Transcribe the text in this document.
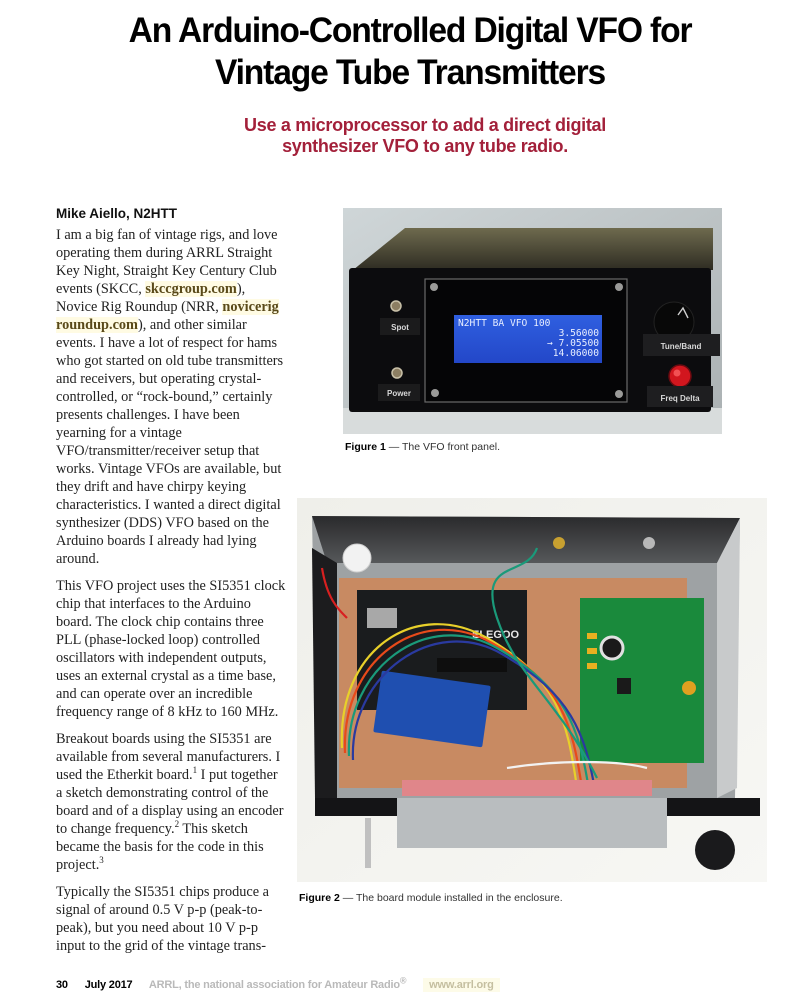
An Arduino-Controlled Digital VFO for
Vintage Tube Transmitters
Use a microprocessor to add a direct digital
synthesizer VFO to any tube radio.
Mike Aiello, N2HTT

I am a big fan of vintage rigs, and love operating them during ARRL Straight Key Night, Straight Key Century Club events (SKCC, skccgroup.com), Novice Rig Roundup (NRR, novicerig roundup.com), and other similar events. I have a lot of respect for hams who got started on old tube transmitters and receivers, but operating crystal-controlled, or “rock-bound,” certainly presents challenges. I have been yearning for a vintage VFO/transmitter/receiver setup that works. Vintage VFOs are available, but they drift and have chirpy keying characteristics. I wanted a direct digital synthesizer (DDS) VFO based on the Arduino boards I already had lying around.

This VFO project uses the SI5351 clock chip that interfaces to the Arduino board. The clock chip contains three PLL (phase-locked loop) controlled oscillators with independent outputs, uses an external crystal as a time base, and can operate over an incredible frequency range of 8 kHz to 160 MHz.

Breakout boards using the SI5351 are available from several manufacturers. I used the Etherkit board.$^1$ I put together a sketch demonstrating control of the board and of a display using an encoder to change frequency.$^2$ This sketch became the basis for the code in this project.$^3$

Typically the SI5351 chips produce a signal of around 0.5 V p-p (peak-to-peak), but you need about 10 V p-p input to the grid of the vintage trans-

N2HTT BA VFO 100
3.56000
→ 7.05500
14.06000
Spot
Power
Tune/Band
Freq Delta
Figure 1 — The VFO front panel.
ELEGOO
Figure 2 — The board module installed in the enclosure.
30 July 2017 ARRL, the national association for Amateur Radio® www.arrl.org
